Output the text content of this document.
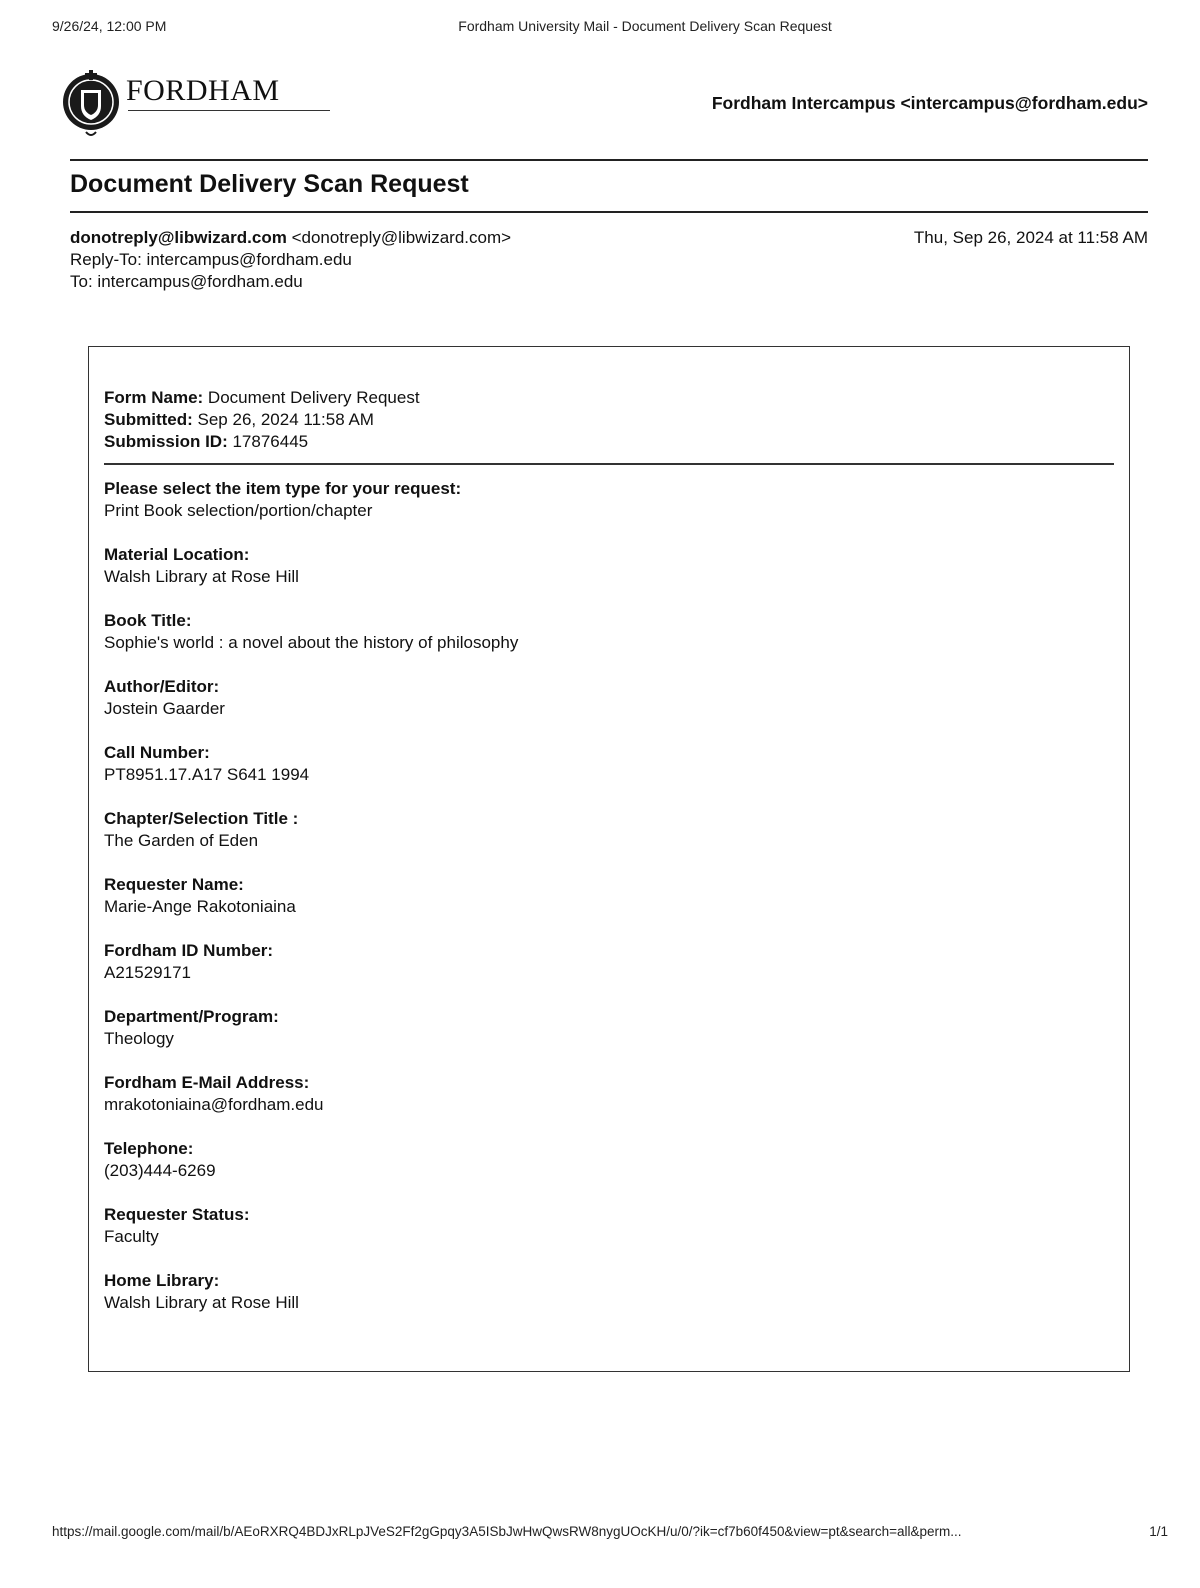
9/26/24, 12:00 PM	Fordham University Mail - Document Delivery Scan Request
FORDHAM	Fordham Intercampus <intercampus@fordham.edu>
Document Delivery Scan Request
donotreply@libwizard.com <donotreply@libwizard.com>	Thu, Sep 26, 2024 at 11:58 AM
Reply-To: intercampus@fordham.edu
To: intercampus@fordham.edu
Form Name: Document Delivery Request
Submitted: Sep 26, 2024 11:58 AM
Submission ID: 17876445
Please select the item type for your request:
Print Book selection/portion/chapter
Material Location:
Walsh Library at Rose Hill
Book Title:
Sophie's world : a novel about the history of philosophy
Author/Editor:
Jostein Gaarder
Call Number:
PT8951.17.A17 S641 1994
Chapter/Selection Title :
The Garden of Eden
Requester Name:
Marie-Ange Rakotoniaina
Fordham ID Number:
A21529171
Department/Program:
Theology
Fordham E-Mail Address:
mrakotoniaina@fordham.edu
Telephone:
(203)444-6269
Requester Status:
Faculty
Home Library:
Walsh Library at Rose Hill
https://mail.google.com/mail/b/AEoRXRQ4BDJxRLpJVeS2Ff2gGpqy3A5ISbJwHwQwsRW8nygUOcKH/u/0/?ik=cf7b60f450&view=pt&search=all&perm...	1/1
